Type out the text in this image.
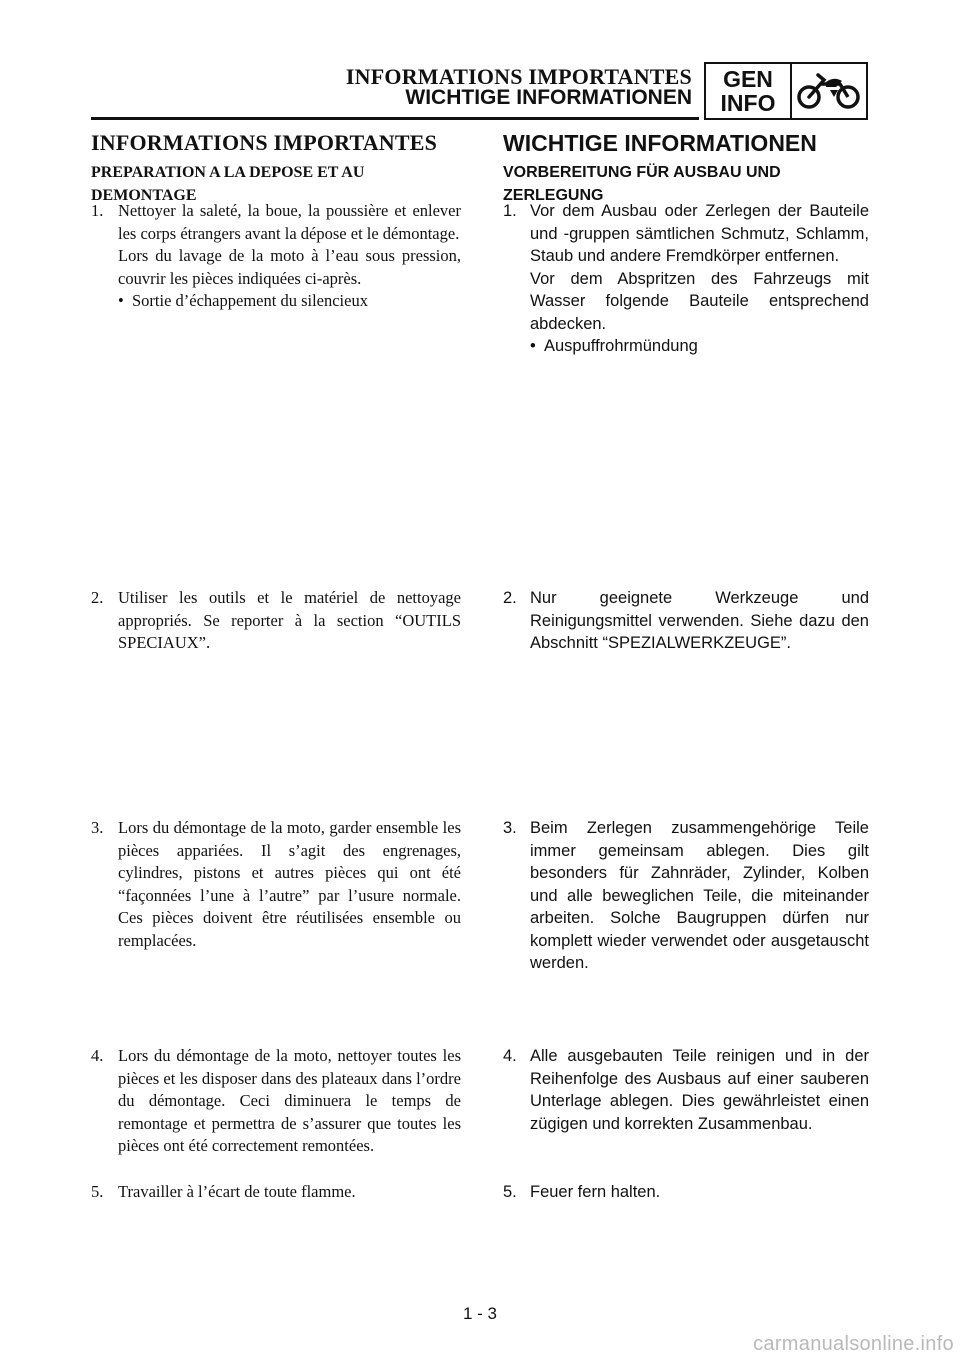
INFORMATIONS IMPORTANTES
WICHTIGE INFORMATIONEN
GEN
INFO
INFORMATIONS IMPORTANTES

PREPARATION A LA DEPOSE ET AU DEMONTAGE

1. Nettoyer la saleté, la boue, la poussière et enlever les corps étrangers avant la dépose et le démontage.

Lors du lavage de la moto à l’eau sous pression, couvrir les pièces indiquées ci-après.

• Sortie d’échappement du silencieux
2. Utiliser les outils et le matériel de nettoyage appropriés. Se reporter à la section “OUTILS SPECIAUX”.

3. Lors du démontage de la moto, garder ensemble les pièces appariées. Il s’agit des engrenages, cylindres, pistons et autres pièces qui ont été “façonnées l’une à l’autre” par l’usure normale. Ces pièces doivent être réutilisées ensemble ou remplacées.

4. Lors du démontage de la moto, nettoyer toutes les pièces et les disposer dans des plateaux dans l’ordre du démontage. Ceci diminuera le temps de remontage et permettra de s’assurer que toutes les pièces ont été correctement remontées.

5. Travailler à l’écart de toute flamme.

WICHTIGE INFORMATIONEN

VORBEREITUNG FÜR AUSBAU UND ZERLEGUNG

1. Vor dem Ausbau oder Zerlegen der Bauteile und -gruppen sämtlichen Schmutz, Schlamm, Staub und andere Fremdkörper entfernen.

Vor dem Abspritzen des Fahrzeugs mit Wasser folgende Bauteile entsprechend abdecken.

• Auspuffrohrmündung
2. Nur geeignete Werkzeuge und Reinigungsmittel verwenden. Siehe dazu den Abschnitt “SPEZIALWERKZEUGE”.

3. Beim Zerlegen zusammengehörige Teile immer gemeinsam ablegen. Dies gilt besonders für Zahnräder, Zylinder, Kolben und alle beweglichen Teile, die miteinander arbeiten. Solche Baugruppen dürfen nur komplett wieder verwendet oder ausgetauscht werden.

4. Alle ausgebauten Teile reinigen und in der Reihenfolge des Ausbaus auf einer sauberen Unterlage ablegen. Dies gewährleistet einen zügigen und korrekten Zusammenbau.

5. Feuer fern halten.

1 - 3
carmanualsonline.info
